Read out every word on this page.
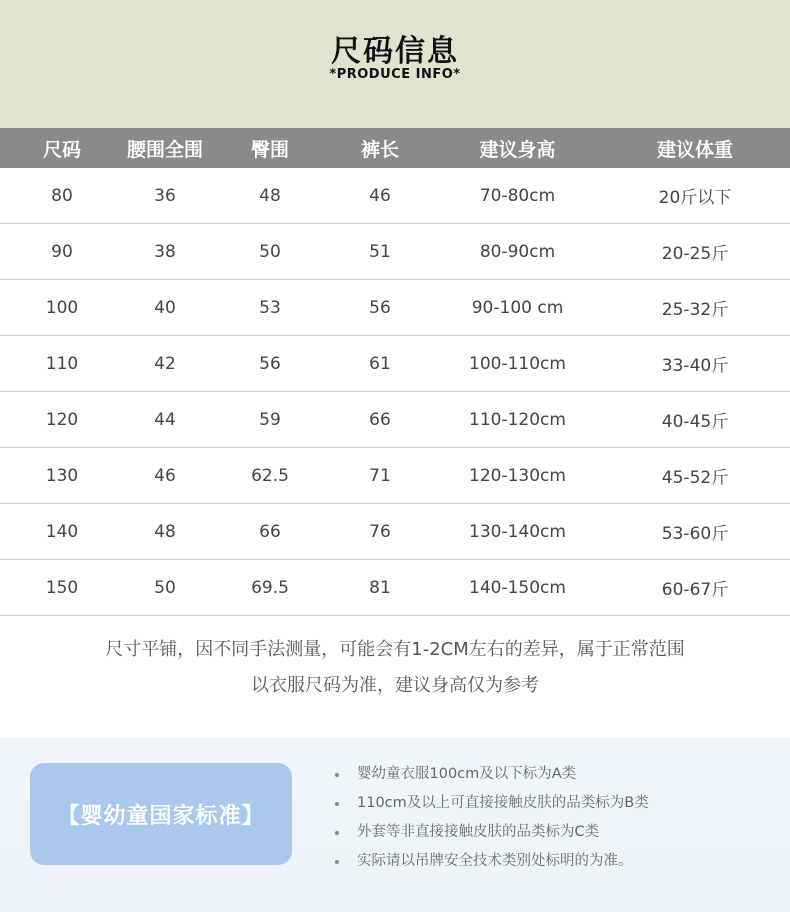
尺码信息
*PRODUCE INFO*
尺码	腰围全围	臀围	裤长	建议身高	建议体重
80	36	48	46	70-80cm	20斤以下
90	38	50	51	80-90cm	20-25斤
100	40	53	56	90-100 cm	25-32斤
110	42	56	61	100-110cm	33-40斤
120	44	59	66	110-120cm	40-45斤
130	46	62.5	71	120-130cm	45-52斤
140	48	66	76	130-140cm	53-60斤
150	50	69.5	81	140-150cm	60-67斤
尺寸平铺，因不同手法测量，可能会有1-2CM左右的差异，属于正常范围
以衣服尺码为准，建议身高仅为参考
【婴幼童国家标准】
婴幼童衣服100cm及以下标为A类
110cm及以上可直接接触皮肤的品类标为B类
外套等非直接接触皮肤的品类标为C类
实际请以吊牌安全技术类别处标明的为准。
